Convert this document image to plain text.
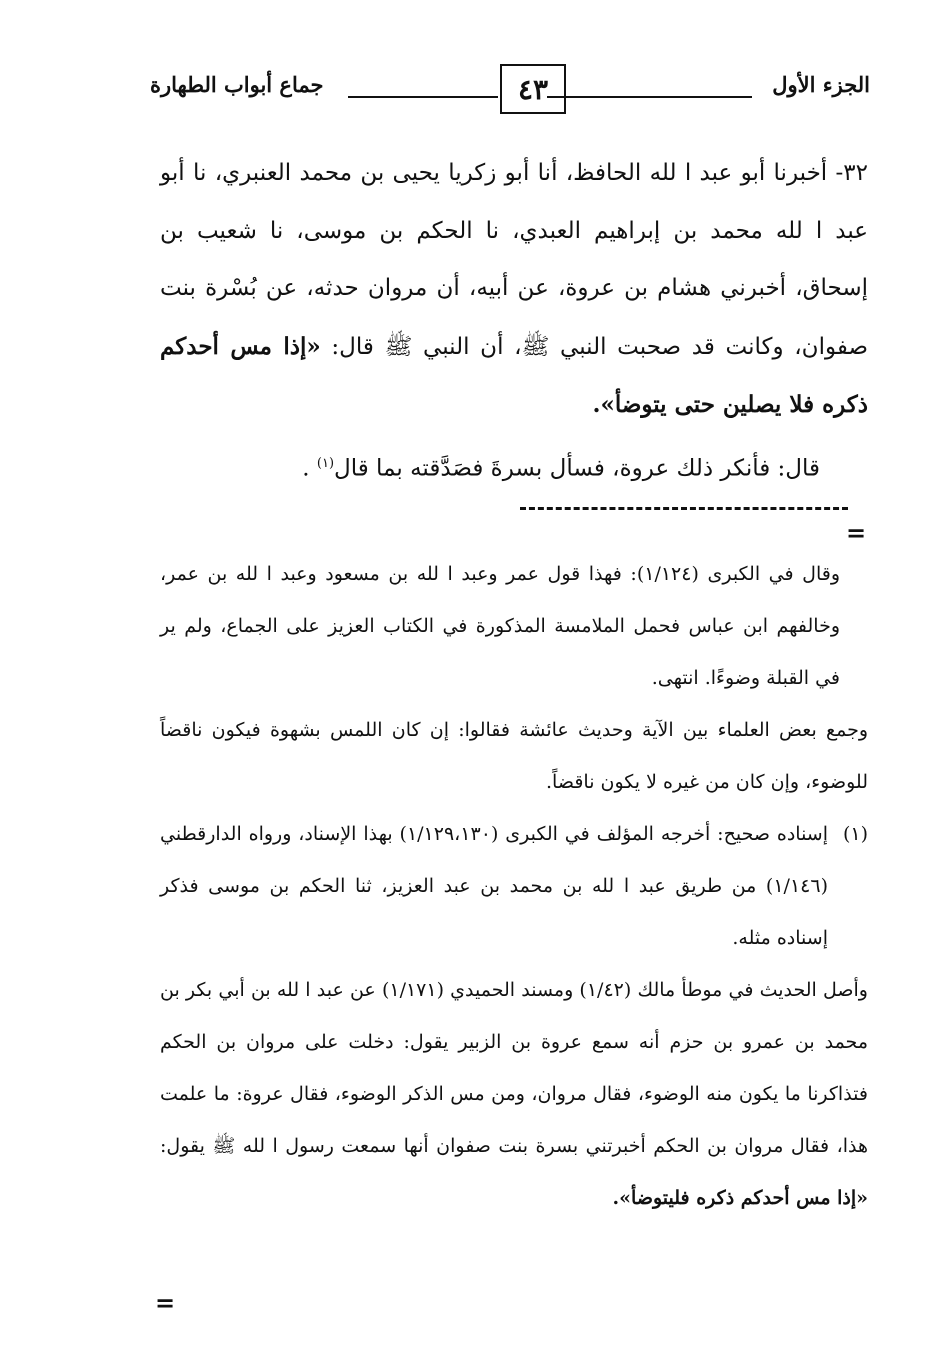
الجزء الأول
٤٣
جماع أبواب الطهارة

٣٢- أخبرنا أبو عبد ا لله الحافظ، أنا أبو زكريا يحيى بن محمد العنبري، نا أبو عبد ا لله محمد بن إبراهيم العبدي، نا الحكم بن موسى، نا شعيب بن إسحاق، أخبرني هشام بن عروة، عن أبيه، أن مروان حدثه، عن بُسْرة بنت صفوان، وكانت قد صحبت النبي ﷺ، أن النبي ﷺ قال: «إذا مس أحدكم ذكره فلا يصلين حتى يتوضأ».

قال: فأنكر ذلك عروة، فسأل بسرةَ فصَدَّقته بما قال$^{(١)}$ .

=

وقال في الكبرى (١/١٢٤): فهذا قول عمر وعبد ا لله بن مسعود وعبد ا لله بن عمر، وخالفهم ابن عباس فحمل الملامسة المذكورة في الكتاب العزيز على الجماع، ولم ير في القبلة وضوءًا. انتهى.

وجمع بعض العلماء بين الآية وحديث عائشة فقالوا: إن كان اللمس بشهوة فيكون ناقضاً للوضوء، وإن كان من غيره لا يكون ناقضاً.

(١)

إسناده صحيح: أخرجه المؤلف في الكبرى (١/١٢٩،١٣٠) بهذا الإسناد، ورواه الدارقطني (١/١٤٦) من طريق عبد ا لله بن محمد بن عبد العزيز، ثنا الحكم بن موسى فذكر إسناده مثله.

وأصل الحديث في موطأ مالك (١/٤٢) ومسند الحميدي (١/١٧١) عن عبد ا لله بن أبي بكر بن محمد بن عمرو بن حزم أنه سمع عروة بن الزبير يقول: دخلت على مروان بن الحكم فتذاكرنا ما يكون منه الوضوء، فقال مروان، ومن مس الذكر الوضوء، فقال عروة: ما علمت هذا، فقال مروان بن الحكم أخبرتني بسرة بنت صفوان أنها سمعت رسول ا لله ﷺ يقول: «إذا مس أحدكم ذكره فليتوضأ».

=
